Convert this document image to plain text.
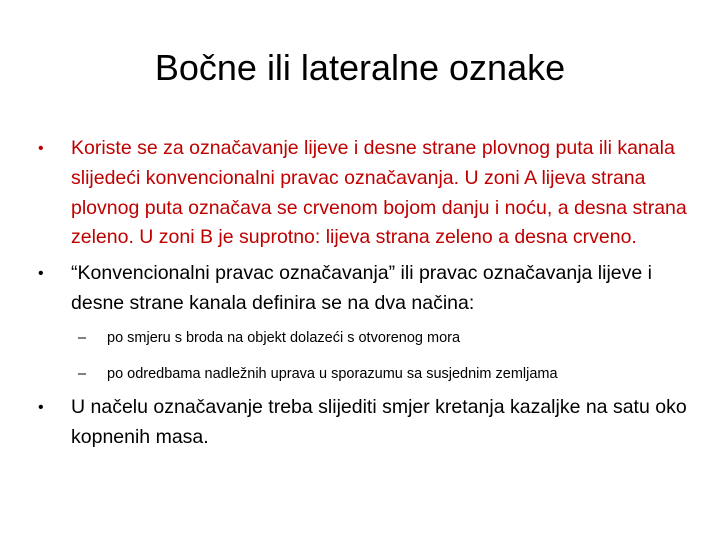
Bočne ili lateralne oznake
•	Koriste se za označavanje lijeve i desne strane plovnog puta ili kanala slijedeći konvencionalni pravac označavanja. U zoni A lijeva strana plovnog puta označava se crvenom bojom danju i noću, a desna strana zeleno. U zoni B je suprotno: lijeva strana zeleno a desna crveno.
•	“Konvencionalni pravac označavanja” ili pravac označavanja lijeve i desne strane kanala definira se na dva načina:
–	po smjeru s broda na objekt dolazeći s otvorenog mora
–	po odredbama nadležnih uprava u sporazumu sa susjednim zemljama
•	U načelu označavanje treba slijediti smjer kretanja kazaljke na satu oko kopnenih masa.
